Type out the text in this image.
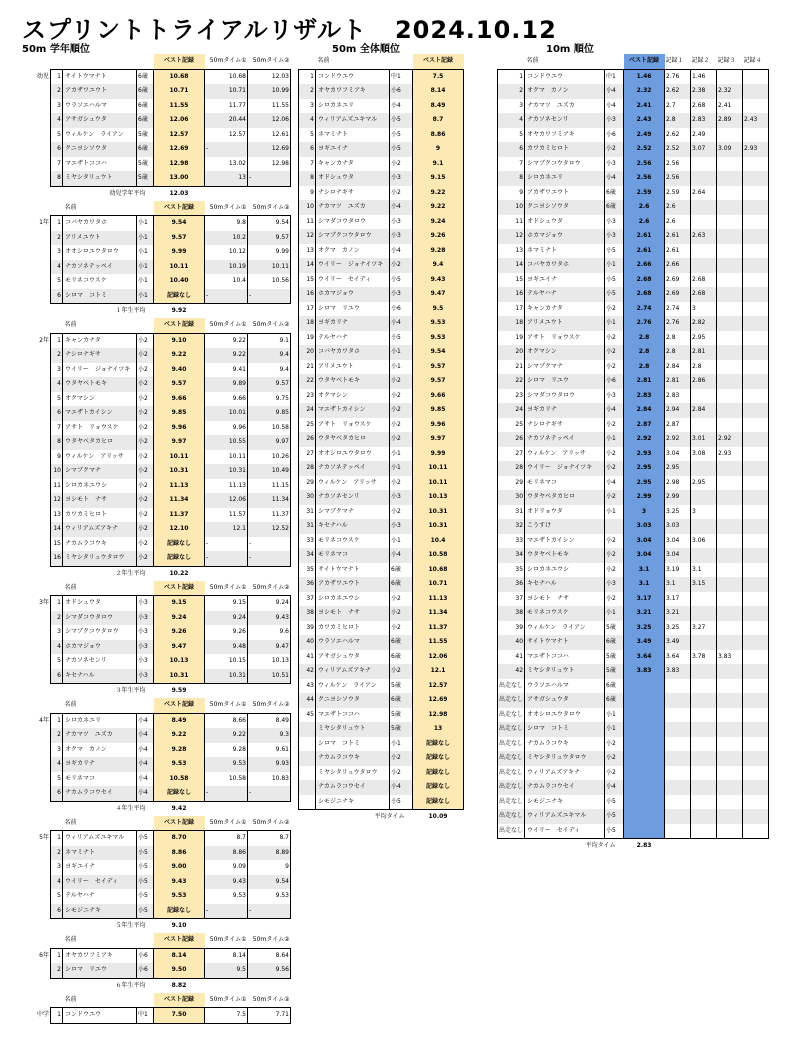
スプリントトライアルリザルト 2024.10.12
50m 学年順位	50m 全体順位	10m 順位
				ベスト記録	50mタイム①	50mタイム②
幼児	1	サイトウマナト	6歳	10.68	10.68	12.03
	2	アカザワユウト	6歳	10.71	10.71	10.99
	3	ウラソエハルマ	6歳	11.55	11.77	11.55
	4	アサガシュウタ	6歳	12.06	20.44	12.06
	5	ウィルケン　ライアン	5歳	12.57	12.57	12.61
	6	クニヨシソウタ	6歳	12.69	-	12.69
	7	マエザトココハ	5歳	12.98	13.02	12.98
	8	ミヤシタリュウト	5歳	13.00	13	-
幼児学年平均				12.03		
		名前		ベスト記録	50mタイム①	50mタイム②
1年	1	コバヤカワタホ	小1	9.54	9.8	9.54
	2	アリメユウト	小1	9.57	10.2	9.57
	3	オオシロユウタロウ	小1	9.99	10.12	9.99
	4	ナカソネテッペイ	小1	10.11	10.19	10.11
	5	モリネコウスケ	小1	10.40	10.4	10.56
	6	シロマ　コトミ	小1	記録なし	-	-
１年生平均				9.92		
		名前		ベスト記録	50mタイム①	50mタイム②
2年	1	キャンカナタ	小2	9.10	9.22	9.1
	2	ナシロナギサ	小2	9.22	9.22	9.4
	3	ウイリー　ジョナイツキ	小2	9.40	9.41	9.4
	4	ウタヤベトモキ	小2	9.57	9.89	9.57
	5	オクマシン	小2	9.66	9.66	9.75
	6	マエザトカイシン	小2	9.85	10.01	9.85
	7	アサト　リョウスケ	小2	9.96	9.96	10.58
	8	ウタヤベタカヒロ	小2	9.97	10.55	9.97
	9	ウィルケン　アリッサ	小2	10.11	10.11	10.26
	10	シマブクマナ	小2	10.31	10.31	10.49
	11	シロカネユウシ	小2	11.13	11.13	11.15
	12	ヨシモト　ナサ	小2	11.34	12.06	11.34
	13	カワカミヒロト	小2	11.37	11.57	11.37
	14	ウィリアムズアキナ	小2	12.10	12.1	12.52
	15	ナカムラコウキ	小2	記録なし	-	-
	16	ミヤシタリュウタロウ	小2	記録なし	-	-
２年生平均				10.22		
		名前		ベスト記録	50mタイム①	50mタイム②
3年	1	オドシュウタ	小3	9.15	9.15	9.24
	2	シマダコウタロウ	小3	9.24	9.24	9.43
	3	シマブクコウタロウ	小3	9.26	9.26	9.6
	4	ホカマジョウ	小3	9.47	9.48	9.47
	5	ナカソネセンリ	小3	10.13	10.15	10.13
	6	キセナハル	小3	10.31	10.31	10.51
３年生平均				9.59		
		名前		ベスト記録	50mタイム①	50mタイム②
4年	1	シロカネユリ	小4	8.49	8.66	8.49
	2	ナカマツ　ユズカ	小4	9.22	9.22	9.3
	3	オクマ　カノン	小4	9.28	9.28	9.61
	4	ヨギカリナ	小4	9.53	9.53	9.93
	5	モリネマコ	小4	10.58	10.58	10.83
	6	ナカムラコウセイ	小4	記録なし	-	-
４年生平均				9.42		
		名前		ベスト記録	50mタイム①	50mタイム②
5年	1	ウィリアムズユキマル	小5	8.70	8.7	8.7
	2	ネマミナト	小5	8.86	8.86	8.89
	3	ヨギユイナ	小5	9.00	9.09	9
	4	ウイリー　セイディ	小5	9.43	9.43	9.54
	5	テルヤハナ	小5	9.53	9.53	9.53
	6	シモジニナキ	小5	記録なし	-	-
５年生平均				9.10		
		名前		ベスト記録	50mタイム①	50mタイム②
6年	1	オヤカワフミアキ	小6	8.14	8.14	8.64
	2	シロマ　リユウ	小6	9.50	9.5	9.56
６年生平均				8.82		
		名前		ベスト記録	50mタイム①	50mタイム②
中学	1	コンドウユウ	中1	7.50	7.5	7.71
	名前		ベスト記録
1	コンドウユウ	中1	7.5
2	オヤカワフミアキ	小6	8.14
3	シロカネユリ	小4	8.49
4	ウィリアムズユキマル	小5	8.7
5	ネマミナト	小5	8.86
6	ヨギユイナ	小5	9
7	キャンカナタ	小2	9.1
8	オドシュウタ	小3	9.15
9	ナシロナギサ	小2	9.22
10	ナカマツ　ユズカ	小4	9.22
11	シマダコウタロウ	小3	9.24
12	シマブクコウタロウ	小3	9.26
13	オクマ　カノン	小4	9.28
14	ウイリー　ジョナイツキ	小2	9.4
15	ウイリー　セイディ	小5	9.43
16	ホカマジョウ	小3	9.47
17	シロマ　リユウ	小6	9.5
18	ヨギカリナ	小4	9.53
19	テルヤハナ	小5	9.53
20	コバヤカワタホ	小1	9.54
21	アリメユウト	小1	9.57
22	ウタヤベトモキ	小2	9.57
23	オクマシン	小2	9.66
24	マエザトカイシン	小2	9.85
25	アサト　リョウスケ	小2	9.96
26	ウタヤベタカヒロ	小2	9.97
27	オオシロユウタロウ	小1	9.99
28	ナカソネテッペイ	小1	10.11
29	ウィルケン　アリッサ	小2	10.11
30	ナカソネセンリ	小3	10.13
31	シマブクマナ	小2	10.31
31	キセナハル	小3	10.31
33	モリネコウスケ	小1	10.4
34	モリネマコ	小4	10.58
35	サイトウマナト	6歳	10.68
36	アカザワユウト	6歳	10.71
37	シロカネユウシ	小2	11.13
38	ヨシモト　ナサ	小2	11.34
39	カワカミヒロト	小2	11.37
40	ウラソエハルマ	6歳	11.55
41	アサガシュウタ	6歳	12.06
42	ウィリアムズアキナ	小2	12.1
43	ウィルケン　ライアン	5歳	12.57
44	クニヨシソウタ	6歳	12.69
45	マエザトココハ	5歳	12.98
	ミヤシタリュウト	5歳	13
	シロマ　コトミ	小1	記録なし
	ナカムラコウキ	小2	記録なし
	ミヤシタリュウタロウ	小2	記録なし
	ナカムラコウセイ	小4	記録なし
	シモジニナキ	小5	記録なし
平均タイム			10.09
	名前		ベスト記録	記録１	記録２	記録３	記録４
1	コンドウユウ	中1	1.46	2.76	1.46		
2	オクマ　カノン	小4	2.32	2.62	2.38	2.32	
3	ナカマツ　ユズカ	小4	2.41	2.7	2.68	2.41	
4	ナカソネセンリ	小3	2.43	2.8	2.83	2.89	2.43
5	オヤカワフミアキ	小6	2.49	2.62	2.49		
6	カワカミヒロト	小2	2.52	2.52	3.07	3.09	2.93
7	シマブクコウタロウ	小3	2.56	2.56			
8	シロカネユリ	小4	2.56	2.56			
9	アカザワユウト	6歳	2.59	2.59	2.64		
10	クニヨシソウタ	6歳	2.6	2.6			
11	オドシュウタ	小3	2.6	2.6			
12	ホカマジョウ	小3	2.61	2.61	2.63		
13	ネマミナト	小5	2.61	2.61			
14	コバヤカワタホ	小1	2.66	2.66			
15	ヨギユイナ	小5	2.68	2.69	2.68		
16	テルヤハナ	小5	2.68	2.69	2.68		
17	キャンカナタ	小2	2.74	2.74	3		
18	アリメユウト	小1	2.76	2.76	2.82		
19	アサト　リョウスケ	小2	2.8	2.8	2.95		
20	オクマシン	小2	2.8	2.8	2.81		
21	シマブクマナ	小2	2.8	2.84	2.8		
22	シロマ　リユウ	小6	2.81	2.81	2.86		
23	シマダコウタロウ	小3	2.83	2.83			
24	ヨギカリナ	小4	2.84	2.94	2.84		
25	ナシロナギサ	小2	2.87	2.87			
26	ナカソネテッペイ	小1	2.92	2.92	3.01	2.92	
27	ウィルケン　アリッサ	小2	2.93	3.04	3.08	2.93	
28	ウイリー　ジョナイツキ	小2	2.95	2.95			
29	モリネマコ	小4	2.95	2.98	2.95		
30	ウタヤベタカヒロ	小2	2.99	2.99			
31	オドリョウタ	小1	3	3.25	3		
32	こうすけ		3.03	3.03			
33	マエザトカイシン	小2	3.04	3.04	3.06		
34	ウタヤベトモキ	小2	3.04	3.04			
35	シロカネユウシ	小2	3.1	3.19	3.1		
36	キセナハル	小3	3.1	3.1	3.15		
37	ヨシモト　ナサ	小2	3.17	3.17			
38	モリネコウスケ	小1	3.21	3.21			
39	ウィルケン　ライアン	5歳	3.25	3.25	3.27		
40	サイトウマナト	6歳	3.49	3.49			
41	マエザトココハ	5歳	3.64	3.64	3.78	3.83	
42	ミヤシタリュウト	5歳	3.83	3.83			
出走なし	ウラソエハルマ	6歳					
出走なし	アサガシュウタ	6歳					
出走なし	オオシロユウタロウ	小1					
出走なし	シロマ　コトミ	小1					
出走なし	ナカムラコウキ	小2					
出走なし	ミヤシタリュウタロウ	小2					
出走なし	ウィリアムズアキナ	小2					
出走なし	ナカムラコウセイ	小4					
出走なし	シモジニナキ	小5					
出走なし	ウィリアムズユキマル	小5					
出走なし	ウイリー　セイディ	小5					
平均タイム			2.83				
